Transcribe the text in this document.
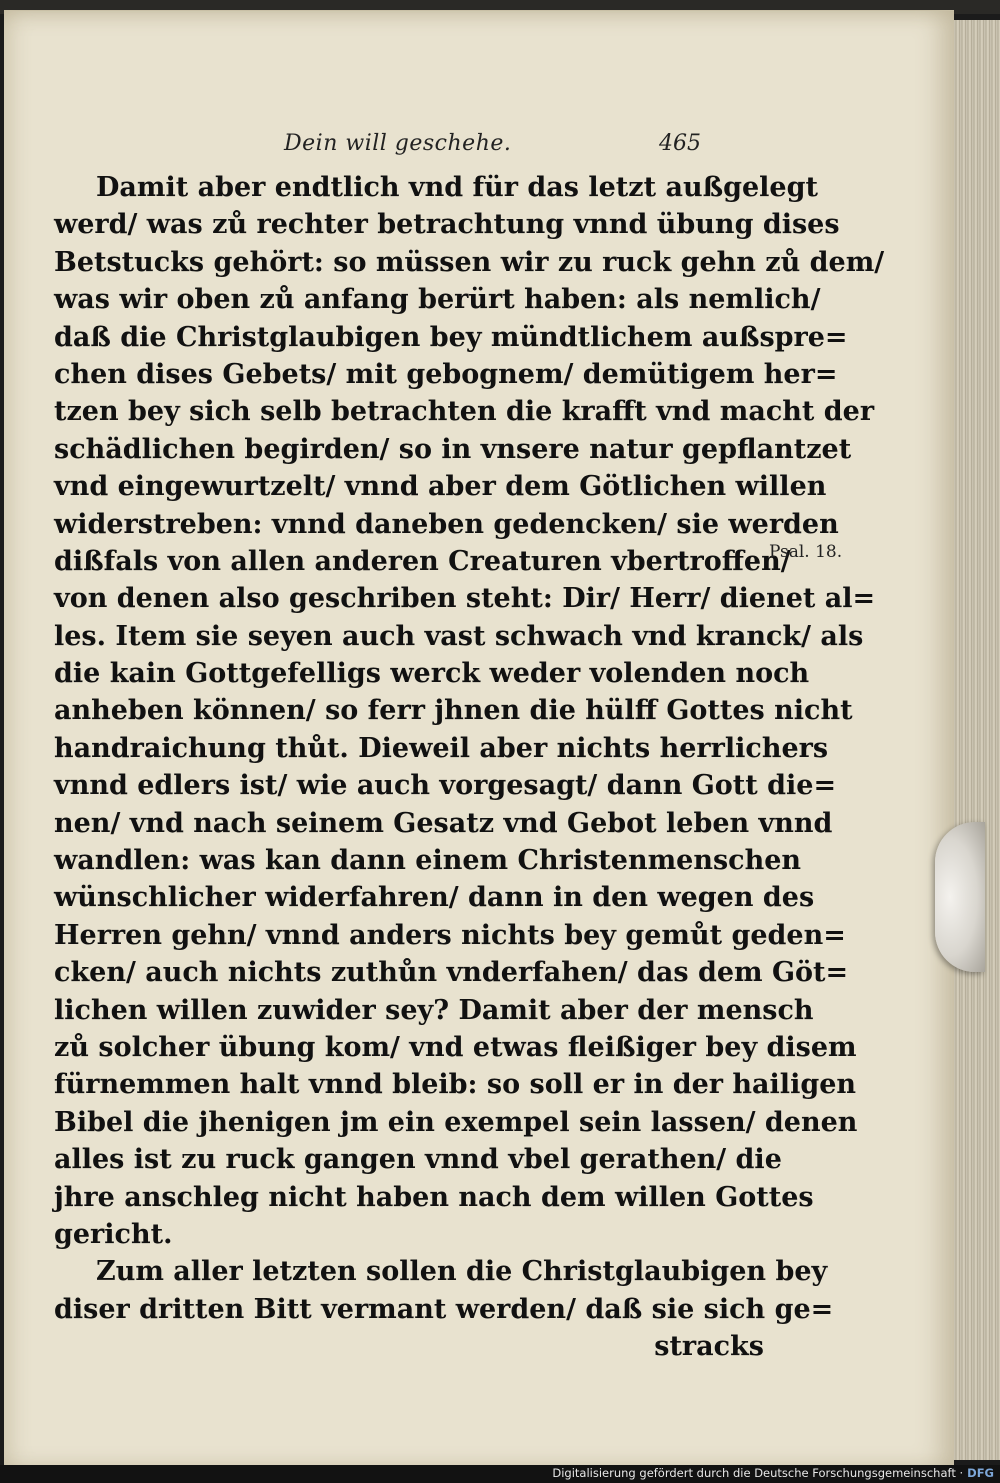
Dein will geschehe.	465
Damit aber endtlich vnd für das letzt außgelegt
werd/ was zů rechter betrachtung vnnd übung dises
Betstucks gehört: so müssen wir zu ruck gehn zů dem/
was wir oben zů anfang berürt haben: als nemlich/
daß die Christglaubigen bey mündtlichem außspre=
chen dises Gebets/ mit gebognem/ demütigem her=
tzen bey sich selb betrachten die krafft vnd macht der
schädlichen begirden/ so in vnsere natur gepflantzet
vnd eingewurtzelt/ vnnd aber dem Götlichen willen
widerstreben: vnnd daneben gedencken/ sie werden
dißfals von allen anderen Creaturen vbertroffen/
von denen also geschriben steht: Dir/ Herr/ dienet al=
les. Item sie seyen auch vast schwach vnd kranck/ als
die kain Gottgefelligs werck weder volenden noch
anheben können/ so ferr jhnen die hülff Gottes nicht
handraichung thůt. Dieweil aber nichts herrlichers
vnnd edlers ist/ wie auch vorgesagt/ dann Gott die=
nen/ vnd nach seinem Gesatz vnd Gebot leben vnnd
wandlen: was kan dann einem Christenmenschen
wünschlicher widerfahren/ dann in den wegen des
Herren gehn/ vnnd anders nichts bey gemůt geden=
cken/ auch nichts zuthůn vnderfahen/ das dem Göt=
lichen willen zuwider sey? Damit aber der mensch
zů solcher übung kom/ vnd etwas fleißiger bey disem
fürnemmen halt vnnd bleib: so soll er in der hailigen
Bibel die jhenigen jm ein exempel sein lassen/ denen
alles ist zu ruck gangen vnnd vbel gerathen/ die
jhre anschleg nicht haben nach dem willen Gottes
gericht.
Zum aller letzten sollen die Christglaubigen bey
diser dritten Bitt vermant werden/ daß sie sich ge=
stracks
Psal. 18.
Digitalisierung gefördert durch die Deutsche Forschungsgemeinschaft · DFG
